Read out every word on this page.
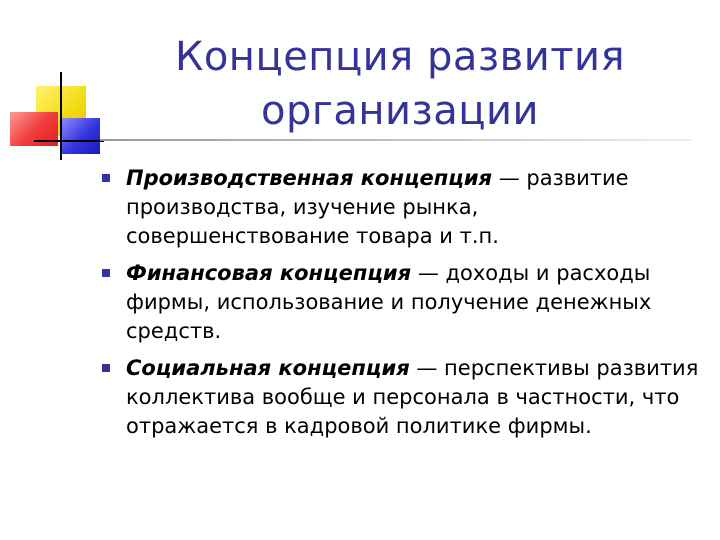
Концепция развития
организации
Производственная концепция — развитие производства, изучение рынка, совершенствование товара и т.п.
Финансовая концепция — доходы и расходы фирмы, использование и получение денежных средств.
Социальная концепция — перспективы развития коллектива вообще и персонала в частности, что отражается в кадровой политике фирмы.
